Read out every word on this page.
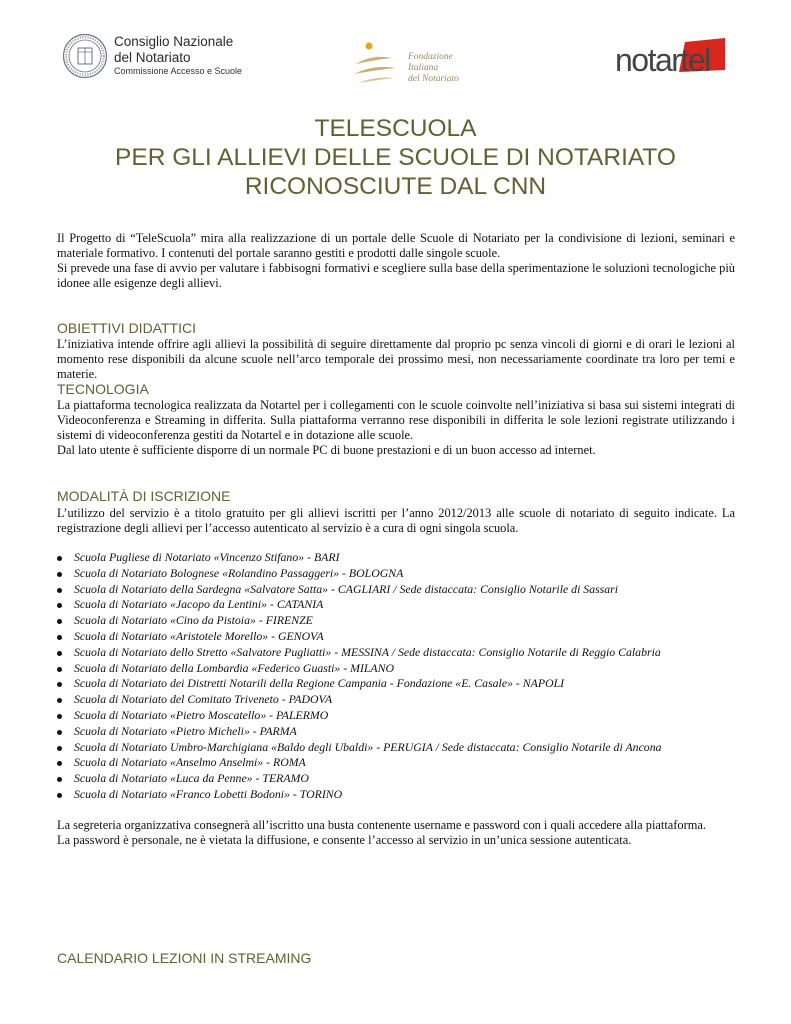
Consiglio Nazionale
del Notariato
Commissione Accesso e Scuole
Fondazione
Italiana
del Notariato
notartel
TELESCUOLA
PER GLI ALLIEVI DELLE SCUOLE DI NOTARIATO
RICONOSCIUTE DAL CNN
Il Progetto di “TeleScuola” mira alla realizzazione di un portale delle Scuole di Notariato per la condivisione di lezioni, seminari e materiale formativo. I contenuti del portale saranno gestiti e prodotti dalle singole scuole.
Si prevede una fase di avvio per valutare i fabbisogni formativi e scegliere sulla base della sperimentazione le soluzioni tecnologiche più idonee alle esigenze degli allievi.
OBIETTIVI DIDATTICI
L’iniziativa intende offrire agli allievi la possibilità di seguire direttamente dal proprio pc senza vincoli di giorni e di orari le lezioni al momento rese disponibili da alcune scuole nell’arco temporale dei prossimo mesi, non necessariamente coordinate tra loro per temi e materie.
TECNOLOGIA
La piattaforma tecnologica realizzata da Notartel per i collegamenti con le scuole coinvolte nell’iniziativa si basa sui sistemi integrati di Videoconferenza e Streaming in differita. Sulla piattaforma verranno rese disponibili in differita le sole lezioni registrate utilizzando i sistemi di videoconferenza gestiti da Notartel e in dotazione alle scuole.
Dal lato utente è sufficiente disporre di un normale PC di buone prestazioni e di un buon accesso ad internet.
MODALITÀ DI ISCRIZIONE
L’utilizzo del servizio è a titolo gratuito per gli allievi iscritti per l’anno 2012/2013 alle scuole di notariato di seguito indicate. La registrazione degli allievi per l’accesso autenticato al servizio è a cura di ogni singola scuola.
Scuola Pugliese di Notariato «Vincenzo Stifano» - BARI
Scuola di Notariato Bolognese «Rolandino Passaggeri» - BOLOGNA
Scuola di Notariato della Sardegna «Salvatore Satta» - CAGLIARI / Sede distaccata: Consiglio Notarile di Sassari
Scuola di Notariato «Jacopo da Lentini» - CATANIA
Scuola di Notariato «Cino da Pistoia» - FIRENZE
Scuola di Notariato «Aristotele Morello» - GENOVA
Scuola di Notariato dello Stretto «Salvatore Pugliatti» - MESSINA / Sede distaccata: Consiglio Notarile di Reggio Calabria
Scuola di Notariato della Lombardia «Federico Guasti» - MILANO
Scuola di Notariato dei Distretti Notarili della Regione Campania - Fondazione «E. Casale» - NAPOLI
Scuola di Notariato del Comitato Triveneto - PADOVA
Scuola di Notariato «Pietro Moscatello» - PALERMO
Scuola di Notariato «Pietro Micheli» - PARMA
Scuola di Notariato Umbro-Marchigiana «Baldo degli Ubaldi» - PERUGIA / Sede distaccata: Consiglio Notarile di Ancona
Scuola di Notariato «Anselmo Anselmi» - ROMA
Scuola di Notariato «Luca da Penne» - TERAMO
Scuola di Notariato «Franco Lobetti Bodoni» - TORINO
La segreteria organizzativa consegnerà all’iscritto una busta contenente username e password con i quali accedere alla piattaforma.
La password è personale, ne è vietata la diffusione, e consente l’accesso al servizio in un’unica sessione autenticata.
CALENDARIO LEZIONI IN STREAMING
